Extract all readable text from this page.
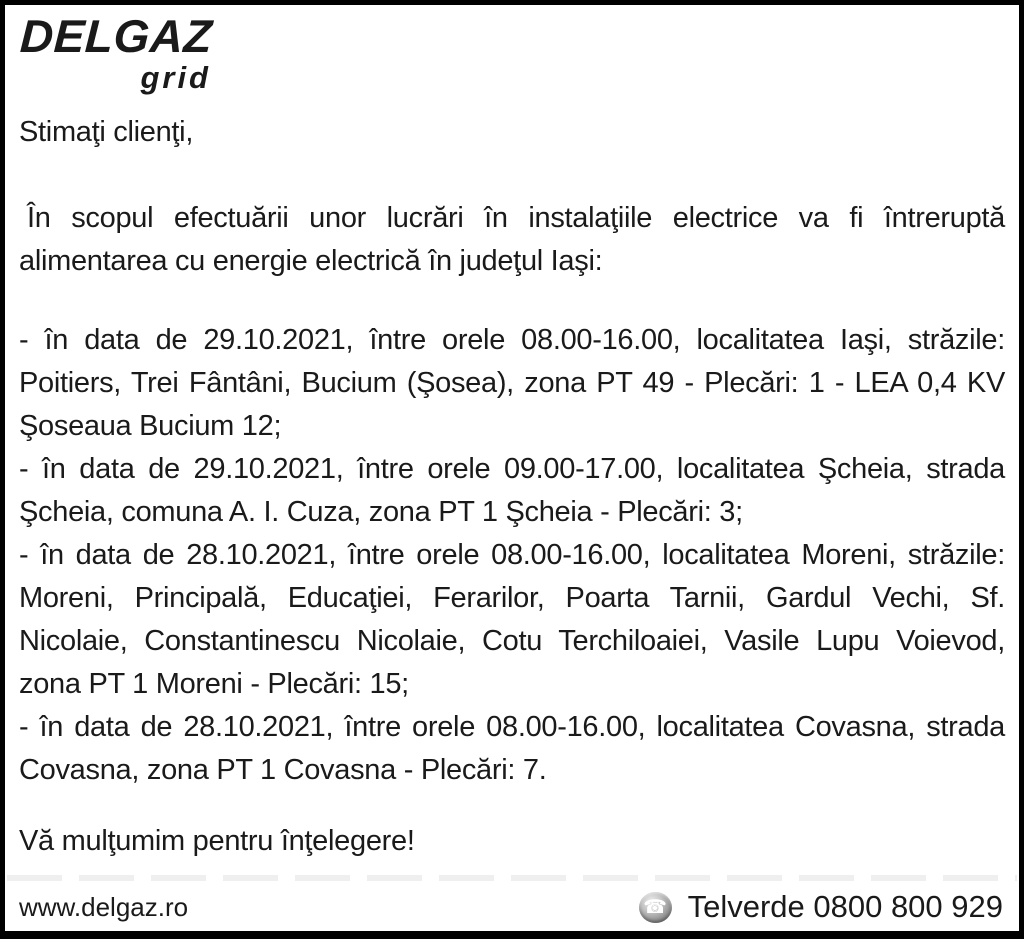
DELGAZ
grid

Stimaţi clienţi,

În scopul efectuării unor lucrări în instalaţiile electrice va fi întreruptă alimentarea cu energie electrică în judeţul Iaşi:

- în data de 29.10.2021, între orele 08.00-16.00, localitatea Iaşi, străzile: Poitiers, Trei Fântâni, Bucium (Şosea), zona PT 49 - Plecări: 1 - LEA 0,4 KV Şoseaua Bucium 12;

- în data de 29.10.2021, între orele 09.00-17.00, localitatea Şcheia, strada Şcheia, comuna A. I. Cuza, zona PT 1 Şcheia - Plecări: 3;

- în data de 28.10.2021, între orele 08.00-16.00, localitatea Moreni, străzile: Moreni, Principală, Educaţiei, Ferarilor, Poarta Tarnii, Gardul Vechi, Sf. Nicolaie, Constantinescu Nicolaie, Cotu Terchiloaiei, Vasile Lupu Voievod, zona PT 1 Moreni - Plecări: 15;

- în data de 28.10.2021, între orele 08.00-16.00, localitatea Covasna, strada Covasna, zona PT 1 Covasna - Plecări: 7.

Vă mulţumim pentru înţelegere!

www.delgaz.ro	☎ Telverde 0800 800 929
